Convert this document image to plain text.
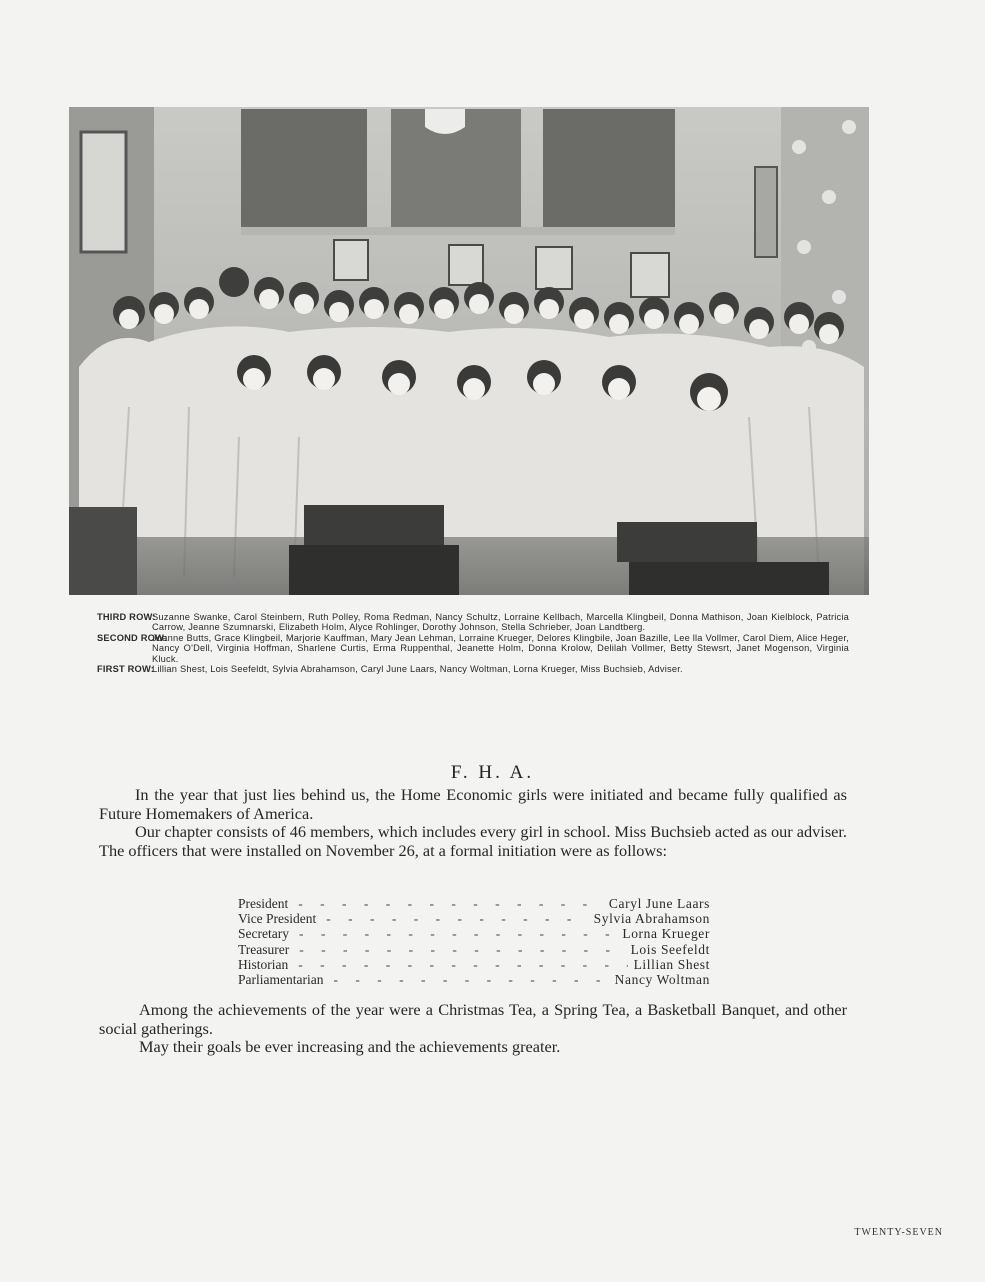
THIRD ROW:
Suzanne Swanke, Carol Steinbern, Ruth Polley, Roma Redman, Nancy Schultz, Lorraine Kellbach, Marcella Klingbeil, Donna Mathison, Joan Kielblock, Patricia Carrow, Jeanne Szumnarski, Elizabeth Holm, Alyce Rohlinger, Dorothy Johnson, Stella Schrieber, Joan Landtberg.
SECOND ROW:
Joanne Butts, Grace Klingbeil, Marjorie Kauffman, Mary Jean Lehman, Lorraine Krueger, Delores Klingbile, Joan Bazille, Lee lla Vollmer, Carol Diem, Alice Heger, Nancy O'Dell, Virginia Hoffman, Sharlene Curtis, Erma Ruppenthal, Jeanette Holm, Donna Krolow, Delilah Vollmer, Betty Stewsrt, Janet Mogenson, Virginia Kluck.
FIRST ROW:
Lillian Shest, Lois Seefeldt, Sylvia Abrahamson, Caryl June Laars, Nancy Woltman, Lorna Krueger, Miss Buchsieb, Adviser.
F. H. A.

In the year that just lies behind us, the Home Economic girls were initiated and became fully qualified as Future Homemakers of America.

Our chapter consists of 46 members, which includes every girl in school. Miss Buchsieb acted as our adviser. The officers that were installed on November 26, at a formal initiation were as follows:

President - - -	Caryl June Laars
Vice President - - -	Sylvia Abrahamson
Secretary - - -	Lorna Krueger
Treasurer - - -	Lois Seefeldt
Historian - - -	Lillian Shest
Parliamentarian - - -	Nancy Woltman

Among the achievements of the year were a Christmas Tea, a Spring Tea, a Basketball Banquet, and other social gatherings.

May their goals be ever increasing and the achievements greater.

TWENTY-SEVEN
